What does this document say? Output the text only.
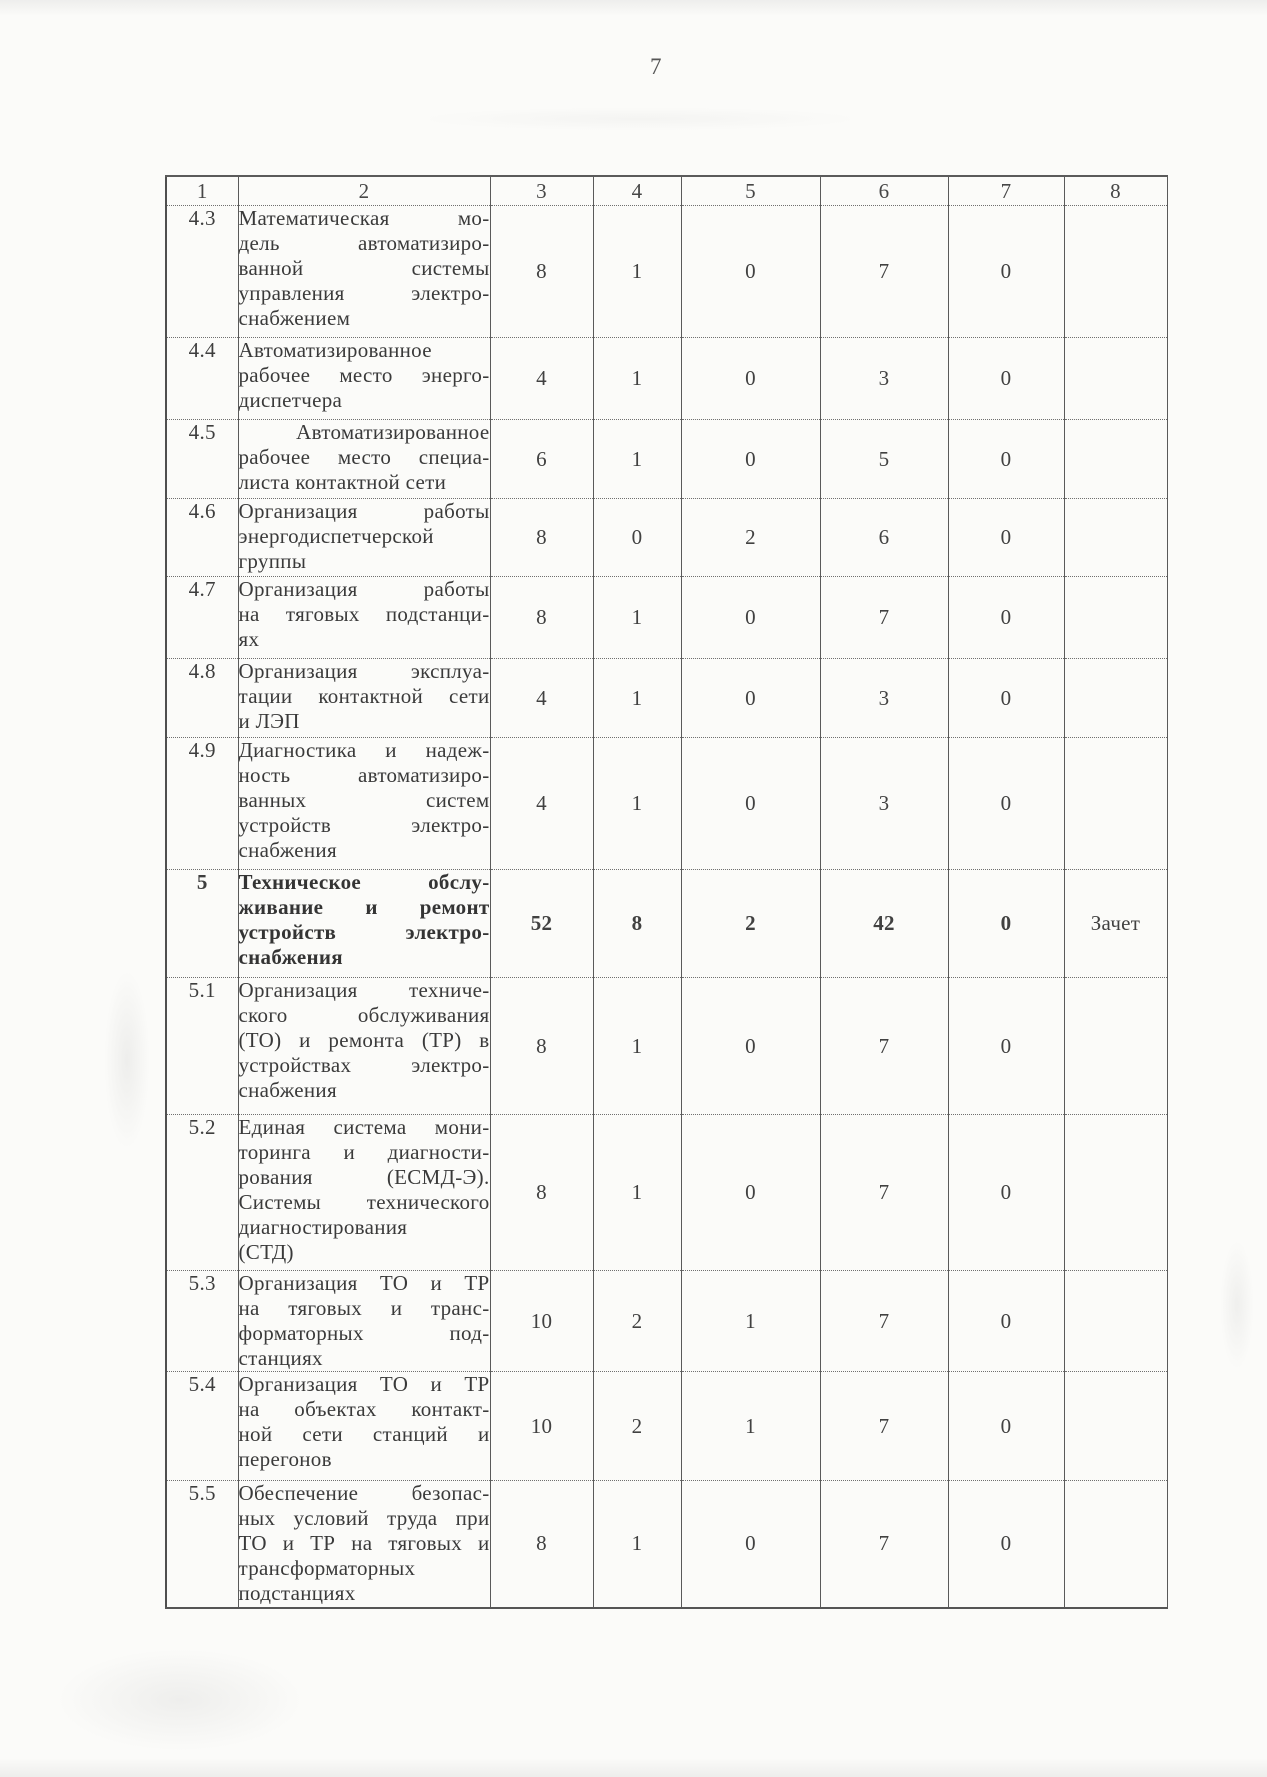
7
1	2	3	4	5	6	7	8
4.3	Математическая мо-
дель автоматизиро-
ванной системы
управления электро-
снабжением	8	1	0	7	0	
4.4	Автоматизированное
рабочее место энерго-
диспетчера	4	1	0	3	0	
4.5	Автоматизированное
рабочее место специа-
листа контактной сети	6	1	0	5	0	
4.6	Организация работы
энергодиспетчерской
группы	8	0	2	6	0	
4.7	Организация работы
на тяговых подстанци-
ях	8	1	0	7	0	
4.8	Организация эксплуа-
тации контактной сети
и ЛЭП	4	1	0	3	0	
4.9	Диагностика и надеж-
ность автоматизиро-
ванных систем
устройств электро-
снабжения	4	1	0	3	0	
5	Техническое обслу-
живание и ремонт
устройств электро-
снабжения	52	8	2	42	0	Зачет
5.1	Организация техниче-
ского обслуживания
(ТО) и ремонта (ТР) в
устройствах электро-
снабжения	8	1	0	7	0	
5.2	Единая система мони-
торинга и диагности-
рования (ЕСМД-Э).
Системы технического
диагностирования
(СТД)
	8	1	0	7	0	
5.3	Организация ТО и ТР
на тяговых и транс-
форматорных под-
станциях	10	2	1	7	0	
5.4	Организация ТО и ТР
на объектах контакт-
ной сети станций и
перегонов	10	2	1	7	0	
5.5	Обеспечение безопас-
ных условий труда при
ТО и ТР на тяговых и
трансформаторных
подстанциях	8	1	0	7	0	
